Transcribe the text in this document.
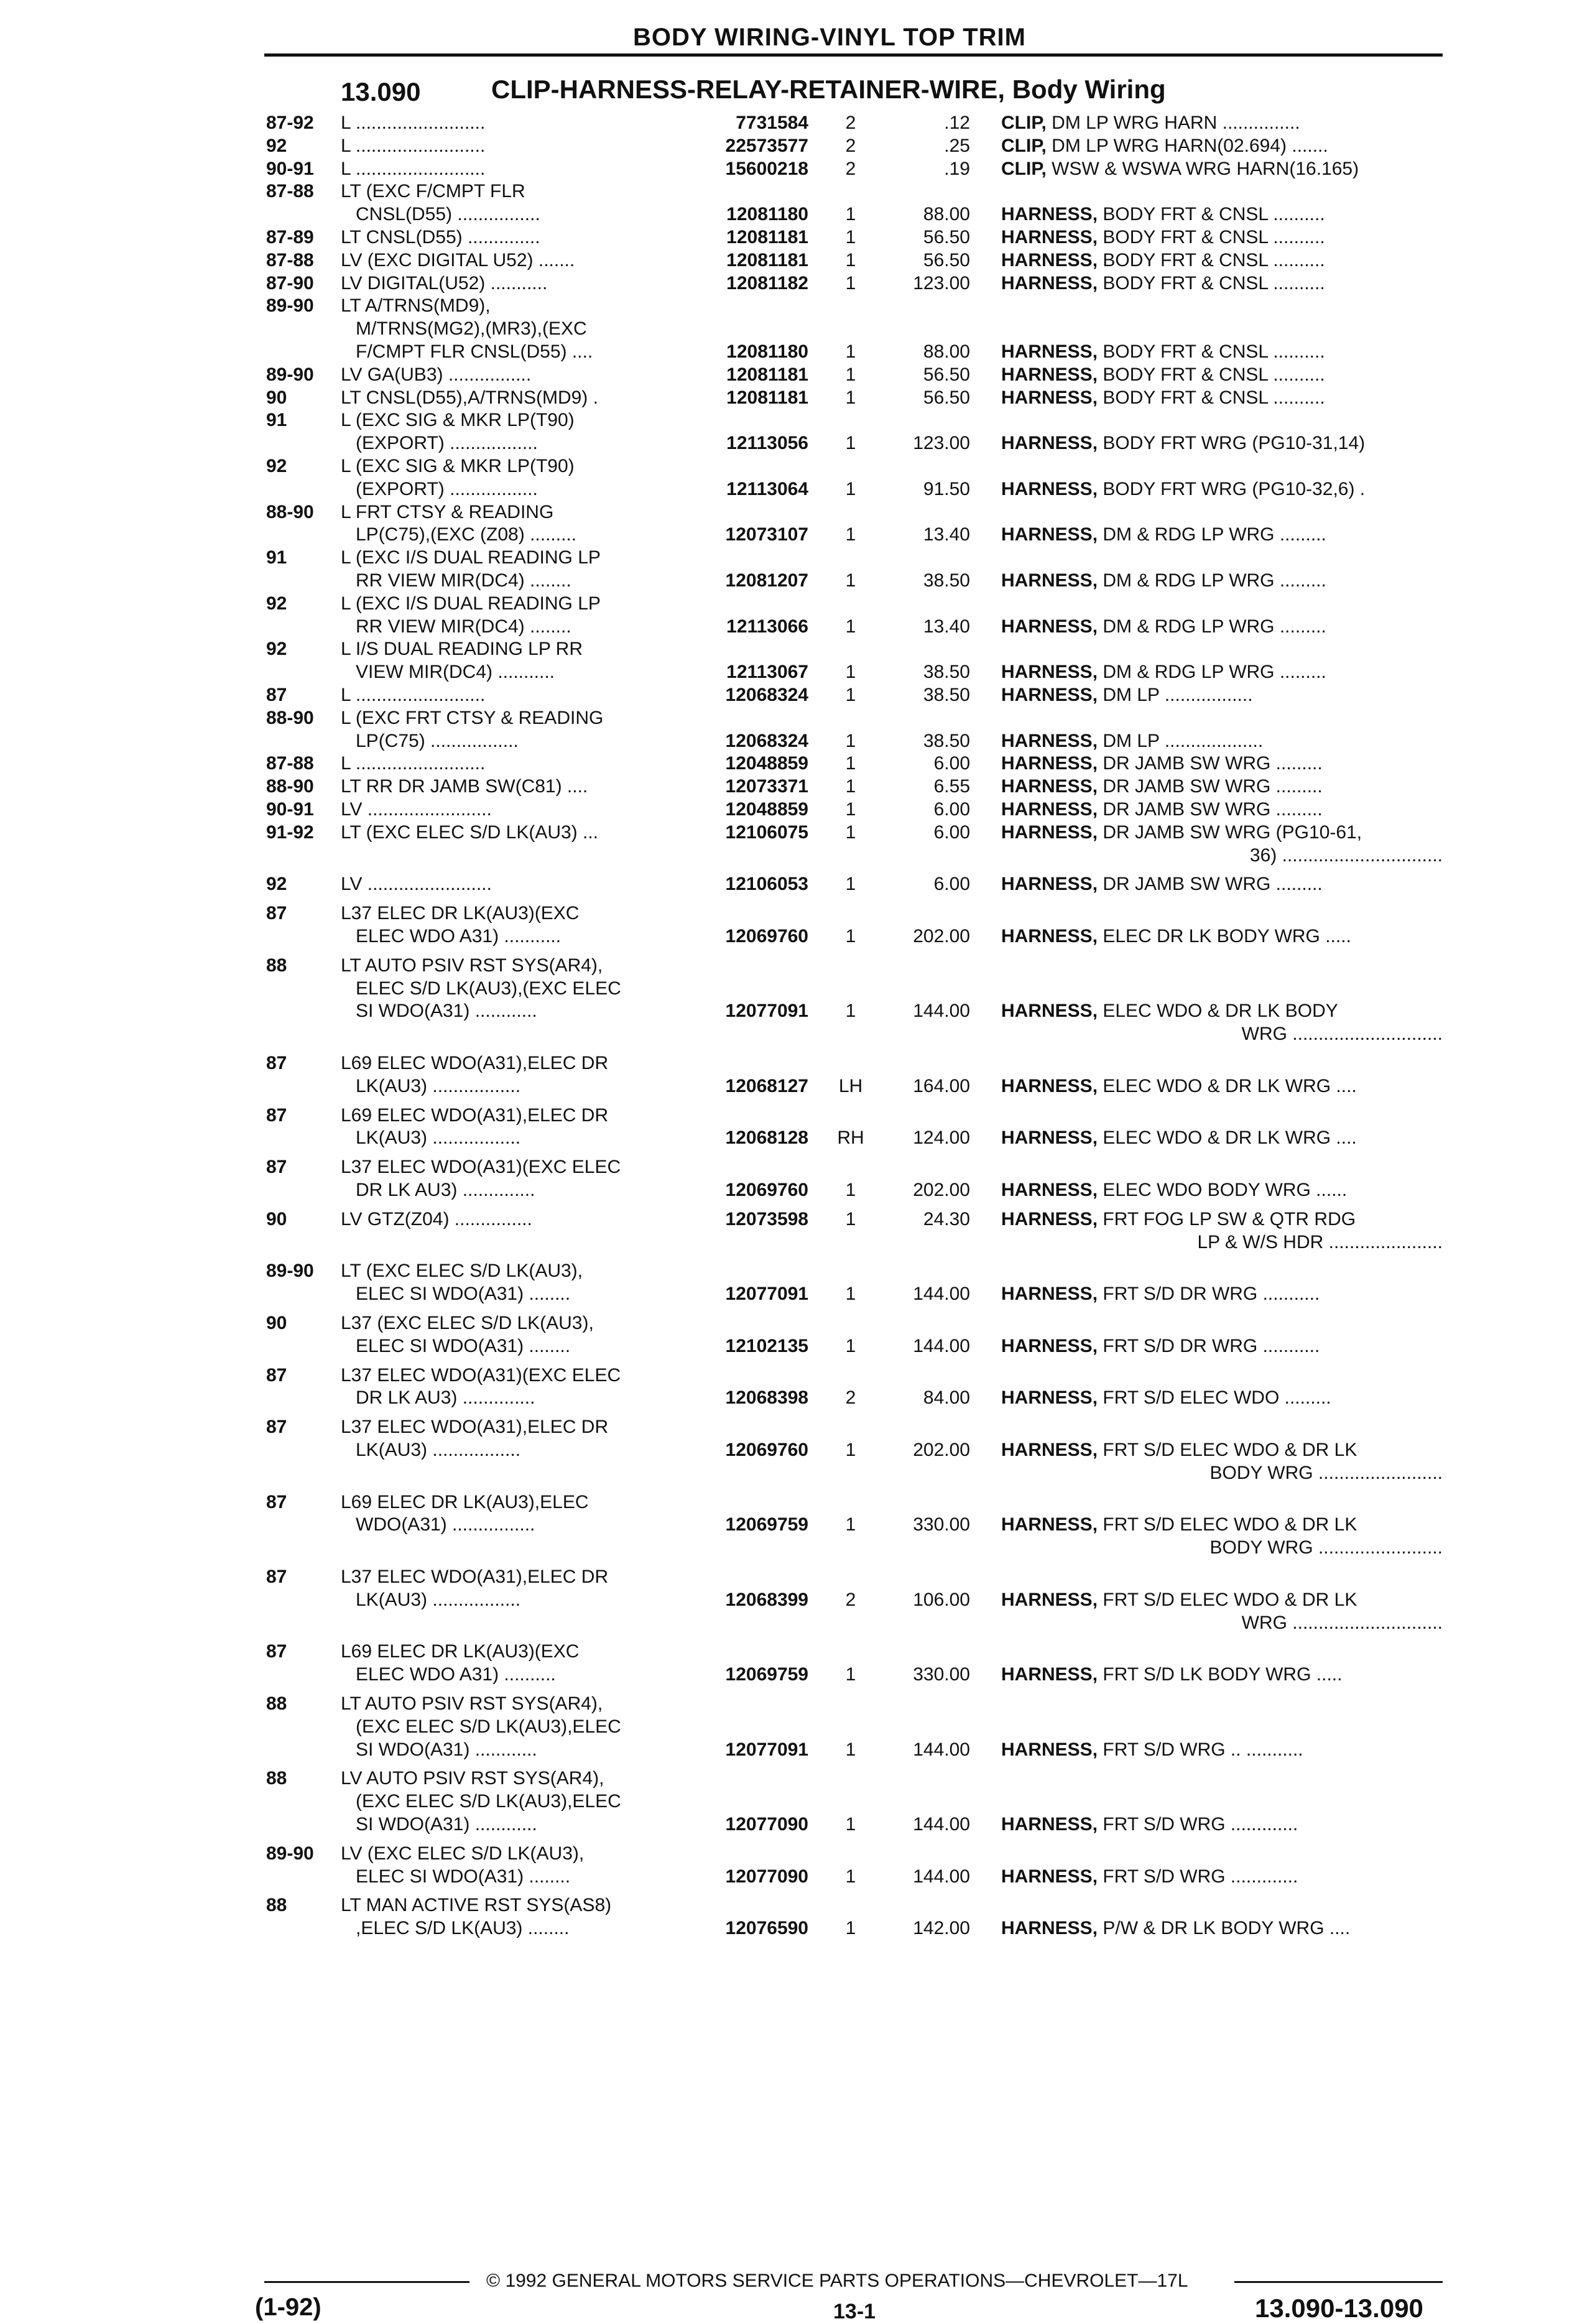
BODY WIRING-VINYL TOP TRIM
13.090	CLIP-HARNESS-RELAY-RETAINER-WIRE, Body Wiring
87-92 L .........................	7731584	2	.12 CLIP, DM LP WRG HARN ...............
92	L .........................	22573577	2	.25 CLIP, DM LP WRG HARN(02.694) .......
90-91 L .........................	15600218	2	.19 CLIP, WSW & WSWA WRG HARN(16.165)
87-88 LT (EXC F/CMPT FLR
CNSL(D55) ................	12081180	1	88.00 HARNESS, BODY FRT & CNSL ..........
87-89 LT CNSL(D55) ..............	12081181	1	56.50 HARNESS, BODY FRT & CNSL ..........
87-88 LV (EXC DIGITAL U52) .......	12081181	1	56.50 HARNESS, BODY FRT & CNSL ..........
87-90 LV DIGITAL(U52) ...........	12081182	1	123.00 HARNESS, BODY FRT & CNSL ..........
89-90 LT A/TRNS(MD9),
M/TRNS(MG2),(MR3),(EXC
F/CMPT FLR CNSL(D55) ....	12081180	1	88.00 HARNESS, BODY FRT & CNSL ..........
89-90 LV GA(UB3) ................	12081181	1	56.50 HARNESS, BODY FRT & CNSL ..........
90	LT CNSL(D55),A/TRNS(MD9) .	12081181	1	56.50 HARNESS, BODY FRT & CNSL ..........
91	L (EXC SIG & MKR LP(T90)
(EXPORT) .................	12113056	1	123.00 HARNESS, BODY FRT WRG (PG10-31,14)
92	L (EXC SIG & MKR LP(T90)
(EXPORT) .................	12113064	1	91.50 HARNESS, BODY FRT WRG (PG10-32,6) .
88-90 L FRT CTSY & READING
LP(C75),(EXC (Z08) .........	12073107	1	13.40 HARNESS, DM & RDG LP WRG .........
91	L (EXC I/S DUAL READING LP
RR VIEW MIR(DC4) ........	12081207	1	38.50 HARNESS, DM & RDG LP WRG .........
92	L (EXC I/S DUAL READING LP
RR VIEW MIR(DC4) ........	12113066	1	13.40 HARNESS, DM & RDG LP WRG .........
92	L I/S DUAL READING LP RR
VIEW MIR(DC4) ...........	12113067	1	38.50 HARNESS, DM & RDG LP WRG .........
87	L .........................	12068324	1	38.50 HARNESS, DM LP .................
88-90 L (EXC FRT CTSY & READING
LP(C75) .................	12068324	1	38.50 HARNESS, DM LP ...................
87-88 L .........................	12048859	1	6.00 HARNESS, DR JAMB SW WRG .........
88-90 LT RR DR JAMB SW(C81) ....	12073371	1	6.55 HARNESS, DR JAMB SW WRG .........
90-91 LV ........................	12048859	1	6.00 HARNESS, DR JAMB SW WRG .........
91-92 LT (EXC ELEC S/D LK(AU3) ...	12106075	1	6.00 HARNESS, DR JAMB SW WRG (PG10-61,
36) ...............................
92	LV ........................	12106053	1	6.00 HARNESS, DR JAMB SW WRG .........
87	L37 ELEC DR LK(AU3)(EXC
ELEC WDO A31) ...........	12069760	1	202.00 HARNESS, ELEC DR LK BODY WRG .....
88	LT AUTO PSIV RST SYS(AR4),
ELEC S/D LK(AU3),(EXC ELEC
SI WDO(A31) ............	12077091	1	144.00 HARNESS, ELEC WDO & DR LK BODY
WRG .............................
87	L69 ELEC WDO(A31),ELEC DR
LK(AU3) .................	12068127	LH	164.00 HARNESS, ELEC WDO & DR LK WRG ....
87	L69 ELEC WDO(A31),ELEC DR
LK(AU3) .................	12068128	RH	124.00 HARNESS, ELEC WDO & DR LK WRG ....
87	L37 ELEC WDO(A31)(EXC ELEC
DR LK AU3) ..............	12069760	1	202.00 HARNESS, ELEC WDO BODY WRG ......
90	LV GTZ(Z04) ...............	12073598	1	24.30 HARNESS, FRT FOG LP SW & QTR RDG
LP & W/S HDR ......................
89-90 LT (EXC ELEC S/D LK(AU3),
ELEC SI WDO(A31) ........	12077091	1	144.00 HARNESS, FRT S/D DR WRG ...........
90	L37 (EXC ELEC S/D LK(AU3),
ELEC SI WDO(A31) ........	12102135	1	144.00 HARNESS, FRT S/D DR WRG ...........
87	L37 ELEC WDO(A31)(EXC ELEC
DR LK AU3) ..............	12068398	2	84.00 HARNESS, FRT S/D ELEC WDO .........
87	L37 ELEC WDO(A31),ELEC DR
LK(AU3) .................	12069760	1	202.00 HARNESS, FRT S/D ELEC WDO & DR LK
BODY WRG ........................
87	L69 ELEC DR LK(AU3),ELEC
WDO(A31) ................	12069759	1	330.00 HARNESS, FRT S/D ELEC WDO & DR LK
BODY WRG ........................
87	L37 ELEC WDO(A31),ELEC DR
LK(AU3) .................	12068399	2	106.00 HARNESS, FRT S/D ELEC WDO & DR LK
WRG .............................
87	L69 ELEC DR LK(AU3)(EXC
ELEC WDO A31) ..........	12069759	1	330.00 HARNESS, FRT S/D LK BODY WRG .....
88	LT AUTO PSIV RST SYS(AR4),
(EXC ELEC S/D LK(AU3),ELEC
SI WDO(A31) ............	12077091	1	144.00 HARNESS, FRT S/D WRG .. ...........
88	LV AUTO PSIV RST SYS(AR4),
(EXC ELEC S/D LK(AU3),ELEC
SI WDO(A31) ............	12077090	1	144.00 HARNESS, FRT S/D WRG .............
89-90 LV (EXC ELEC S/D LK(AU3),
ELEC SI WDO(A31) ........	12077090	1	144.00 HARNESS, FRT S/D WRG .............
88	LT MAN ACTIVE RST SYS(AS8)
,ELEC S/D LK(AU3) ........	12076590	1	142.00 HARNESS, P/W & DR LK BODY WRG ....
© 1992 GENERAL MOTORS SERVICE PARTS OPERATIONS—CHEVROLET—17L
(1-92)	13-1	13.090-13.090
